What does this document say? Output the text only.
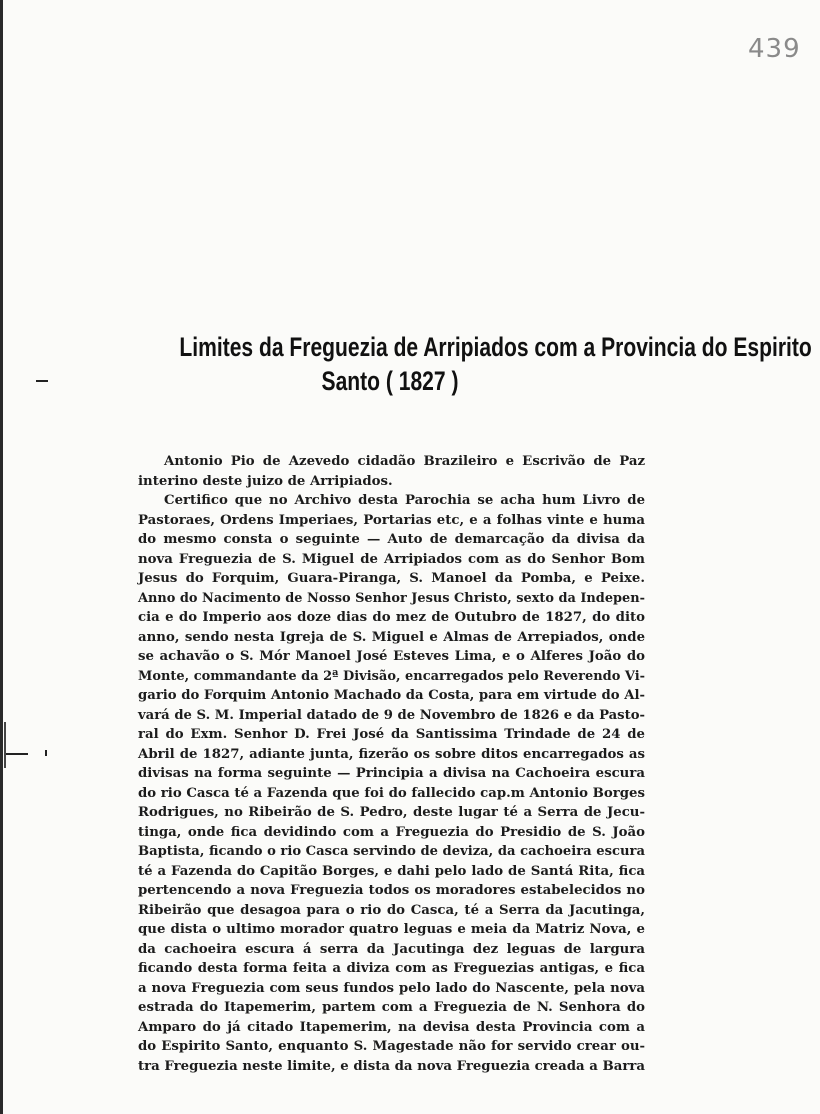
439
Limites da Freguezia de Arripiados com a Provincia do Espirito
Santo ( 1827 )
Antonio Pio de Azevedo cidadão Brazileiro e Escrivão de Paz
interino deste juizo de Arripiados.
Certifico que no Archivo desta Parochia se acha hum Livro de
Pastoraes, Ordens Imperiaes, Portarias etc, e a folhas vinte e huma
do mesmo consta o seguinte — Auto de demarcação da divisa da
nova Freguezia de S. Miguel de Arripiados com as do Senhor Bom
Jesus do Forquim, Guara-Piranga, S. Manoel da Pomba, e Peixe.
Anno do Nacimento de Nosso Senhor Jesus Christo, sexto da Indepen-
cia e do Imperio aos doze dias do mez de Outubro de 1827, do dito
anno, sendo nesta Igreja de S. Miguel e Almas de Arrepiados, onde
se achavão o S. Mór Manoel José Esteves Lima, e o Alferes João do
Monte, commandante da 2ª Divisão, encarregados pelo Reverendo Vi-
gario do Forquim Antonio Machado da Costa, para em virtude do Al-
vará de S. M. Imperial datado de 9 de Novembro de 1826 e da Pasto-
ral do Exm. Senhor D. Frei José da Santissima Trindade de 24 de
Abril de 1827, adiante junta, fizerão os sobre ditos encarregados as
divisas na forma seguinte — Principia a divisa na Cachoeira escura
do rio Casca té a Fazenda que foi do fallecido cap.m Antonio Borges
Rodrigues, no Ribeirão de S. Pedro, deste lugar té a Serra de Jecu-
tinga, onde fica devidindo com a Freguezia do Presidio de S. João
Baptista, ficando o rio Casca servindo de deviza, da cachoeira escura
té a Fazenda do Capitão Borges, e dahi pelo lado de Santá Rita, fica
pertencendo a nova Freguezia todos os moradores estabelecidos no
Ribeirão que desagoa para o rio do Casca, té a Serra da Jacutinga,
que dista o ultimo morador quatro leguas e meia da Matriz Nova, e
da cachoeira escura á serra da Jacutinga dez leguas de largura
ficando desta forma feita a diviza com as Freguezias antigas, e fica
a nova Freguezia com seus fundos pelo lado do Nascente, pela nova
estrada do Itapemerim, partem com a Freguezia de N. Senhora do
Amparo do já citado Itapemerim, na devisa desta Provincia com a
do Espirito Santo, enquanto S. Magestade não for servido crear ou-
tra Freguezia neste limite, e dista da nova Freguezia creada a Barra
